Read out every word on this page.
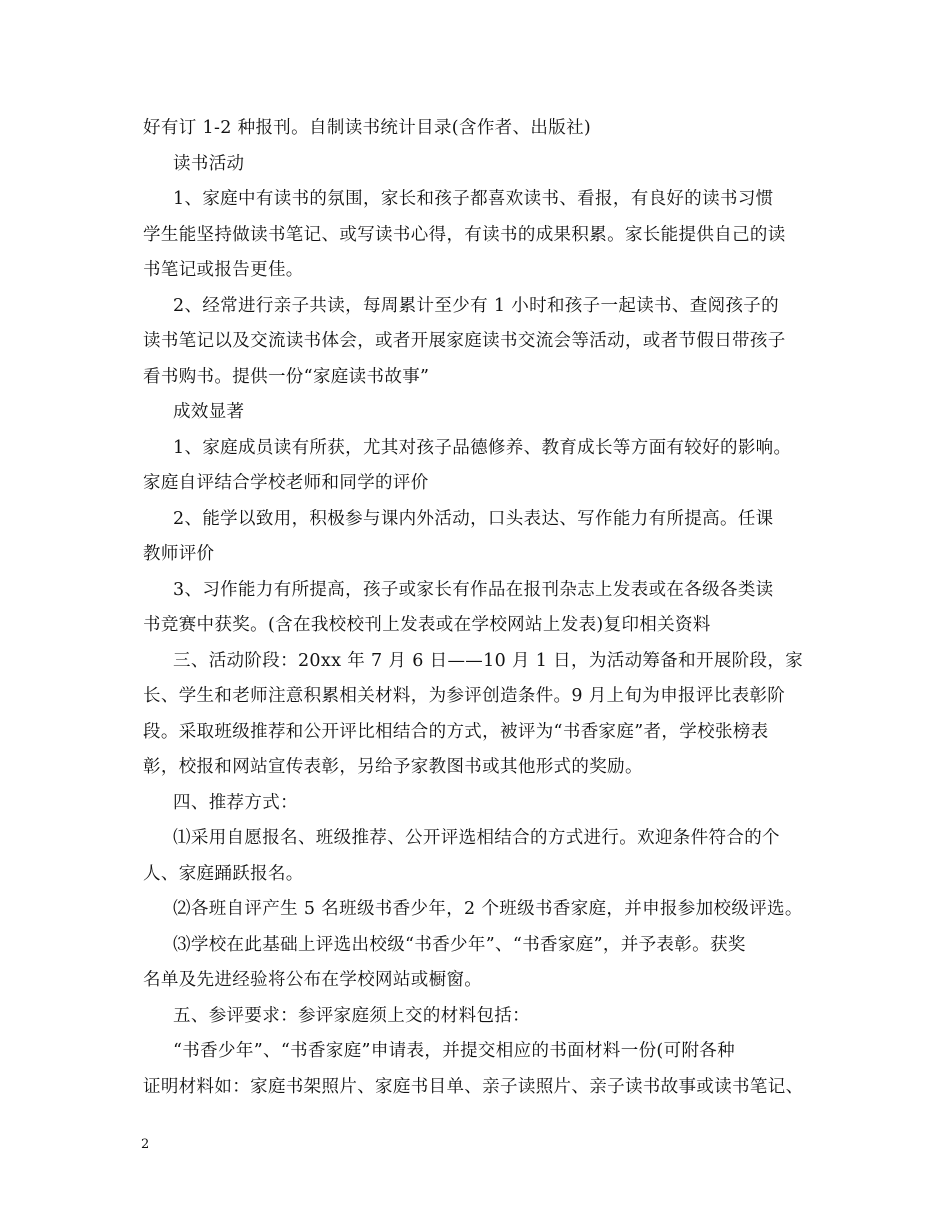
好有订 1-2 种报刊。自制读书统计目录(含作者、出版社)
读书活动
1、家庭中有读书的氛围，家长和孩子都喜欢读书、看报，有良好的读书习惯
学生能坚持做读书笔记、或写读书心得，有读书的成果积累。家长能提供自己的读
书笔记或报告更佳。
2、经常进行亲子共读，每周累计至少有 1 小时和孩子一起读书、查阅孩子的
读书笔记以及交流读书体会，或者开展家庭读书交流会等活动，或者节假日带孩子
看书购书。提供一份“家庭读书故事”
成效显著
1、家庭成员读有所获，尤其对孩子品德修养、教育成长等方面有较好的影响。
家庭自评结合学校老师和同学的评价
2、能学以致用，积极参与课内外活动，口头表达、写作能力有所提高。任课
教师评价
3、习作能力有所提高，孩子或家长有作品在报刊杂志上发表或在各级各类读
书竞赛中获奖。(含在我校校刊上发表或在学校网站上发表)复印相关资料
三、活动阶段：20xx 年 7 月 6 日——10 月 1 日，为活动筹备和开展阶段，家
长、学生和老师注意积累相关材料，为参评创造条件。9 月上旬为申报评比表彰阶
段。采取班级推荐和公开评比相结合的方式，被评为“书香家庭”者，学校张榜表
彰，校报和网站宣传表彰，另给予家教图书或其他形式的奖励。
四、推荐方式：
⑴采用自愿报名、班级推荐、公开评选相结合的方式进行。欢迎条件符合的个
人、家庭踊跃报名。
⑵各班自评产生 5 名班级书香少年，2 个班级书香家庭，并申报参加校级评选。
⑶学校在此基础上评选出校级“书香少年”、“书香家庭”，并予表彰。获奖
名单及先进经验将公布在学校网站或橱窗。
五、参评要求：参评家庭须上交的材料包括：
“书香少年”、“书香家庭”申请表，并提交相应的书面材料一份(可附各种
证明材料如：家庭书架照片、家庭书目单、亲子读照片、亲子读书故事或读书笔记、
2
